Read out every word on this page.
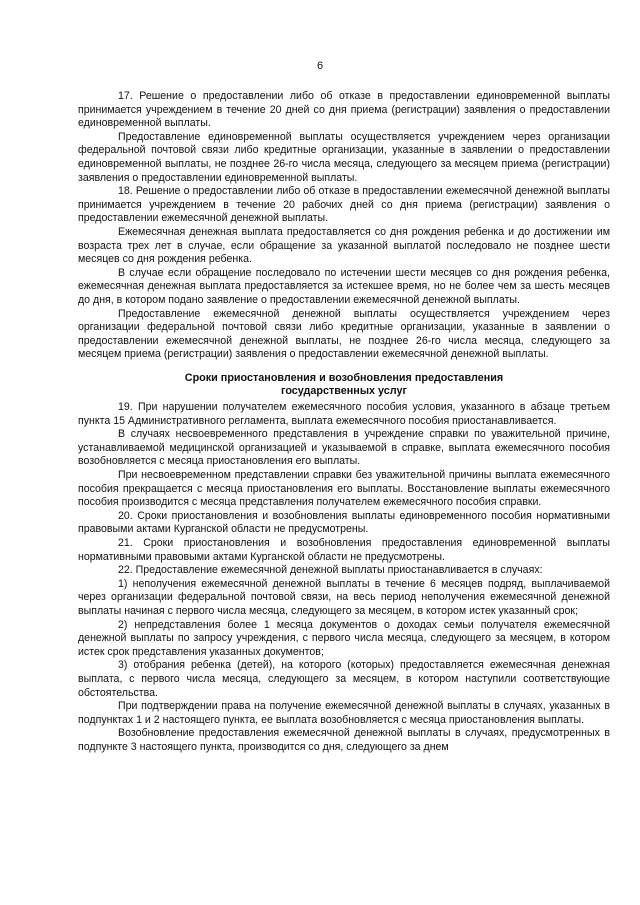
6

17. Решение о предоставлении либо об отказе в предоставлении единовременной выплаты принимается учреждением в течение 20 дней со дня приема (регистрации) заявления о предоставлении единовременной выплаты.

Предоставление единовременной выплаты осуществляется учреждением через организации федеральной почтовой связи либо кредитные организации, указанные в заявлении о предоставлении единовременной выплаты, не позднее 26-го числа месяца, следующего за месяцем приема (регистрации) заявления о предоставлении единовременной выплаты.

18. Решение о предоставлении либо об отказе в предоставлении ежемесячной денежной выплаты принимается учреждением в течение 20 рабочих дней со дня приема (регистрации) заявления о предоставлении ежемесячной денежной выплаты.

Ежемесячная денежная выплата предоставляется со дня рождения ребенка и до достижении им возраста трех лет в случае, если обращение за указанной выплатой последовало не позднее шести месяцев со дня рождения ребенка.

В случае если обращение последовало по истечении шести месяцев со дня рождения ребенка, ежемесячная денежная выплата предоставляется за истекшее время, но не более чем за шесть месяцев до дня, в котором подано заявление о предоставлении ежемесячной денежной выплаты.

Предоставление ежемесячной денежной выплаты осуществляется учреждением через организации федеральной почтовой связи либо кредитные организации, указанные в заявлении о предоставлении ежемесячной денежной выплаты, не позднее 26-го числа месяца, следующего за месяцем приема (регистрации) заявления о предоставлении ежемесячной денежной выплаты.

Сроки приостановления и возобновления предоставления
государственных услуг

19. При нарушении получателем ежемесячного пособия условия, указанного в абзаце третьем пункта 15 Административного регламента, выплата ежемесячного пособия приостанавливается.

В случаях несвоевременного представления в учреждение справки по уважительной причине, устанавливаемой медицинской организацией и указываемой в справке, выплата ежемесячного пособия возобновляется с месяца приостановления его выплаты.

При несвоевременном представлении справки без уважительной причины выплата ежемесячного пособия прекращается с месяца приостановления его выплаты. Восстановление выплаты ежемесячного пособия производится с месяца представления получателем ежемесячного пособия справки.

20. Сроки приостановления и возобновления выплаты единовременного пособия нормативными правовыми актами Курганской области не предусмотрены.

21. Сроки приостановления и возобновления предоставления единовременной выплаты нормативными правовыми актами Курганской области не предусмотрены.

22. Предоставление ежемесячной денежной выплаты приостанавливается в случаях:

1) неполучения ежемесячной денежной выплаты в течение 6 месяцев подряд, выплачиваемой через организации федеральной почтовой связи, на весь период неполучения ежемесячной денежной выплаты начиная с первого числа месяца, следующего за месяцем, в котором истек указанный срок;

2) непредставления более 1 месяца документов о доходах семьи получателя ежемесячной денежной выплаты по запросу учреждения, с первого числа месяца, следующего за месяцем, в котором истек срок представления указанных документов;

3) отобрания ребенка (детей), на которого (которых) предоставляется ежемесячная денежная выплата, с первого числа месяца, следующего за месяцем, в котором наступили соответствующие обстоятельства.

При подтверждении права на получение ежемесячной денежной выплаты в случаях, указанных в подпунктах 1 и 2 настоящего пункта, ее выплата возобновляется с месяца приостановления выплаты.

Возобновление предоставления ежемесячной денежной выплаты в случаях, предусмотренных в подпункте 3 настоящего пункта, производится со дня, следующего за днем
